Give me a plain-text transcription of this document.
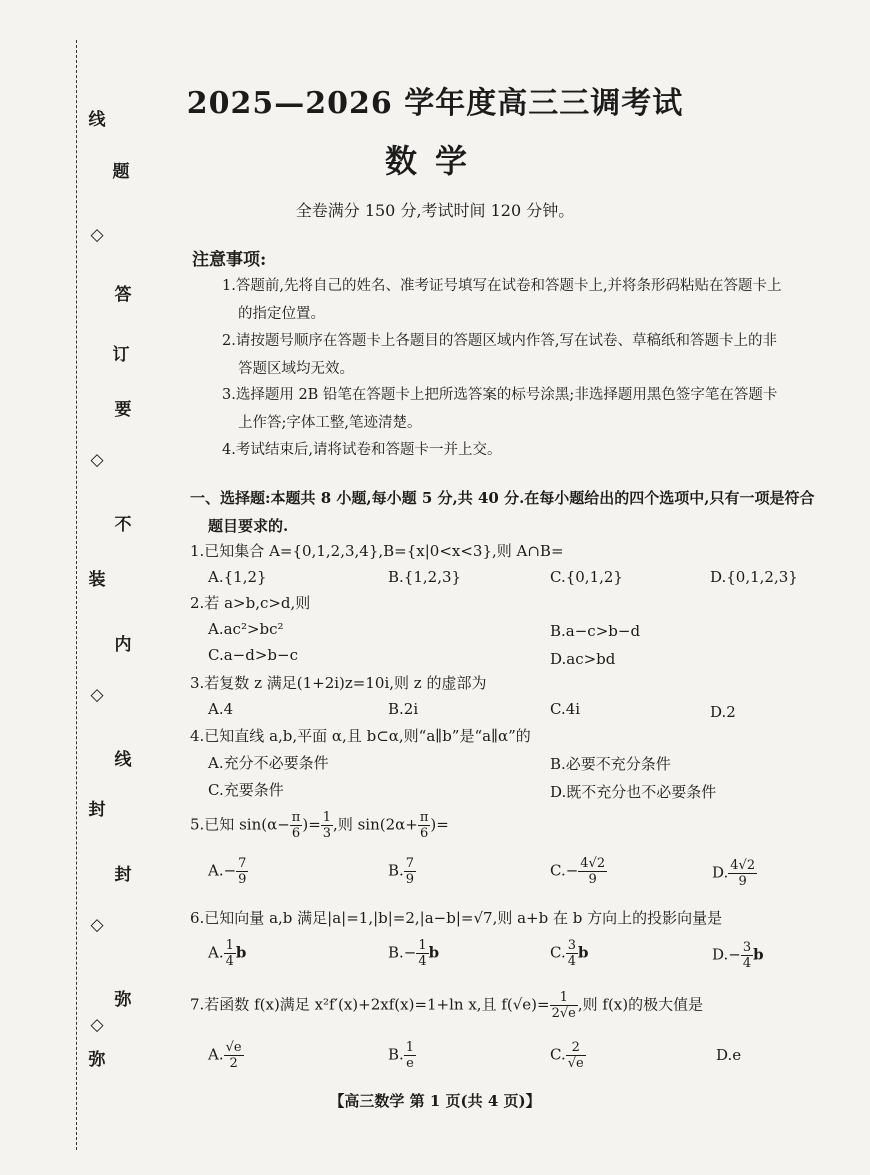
线
◇
题
◇
订
◇
装
◇
封
◇
弥
答
要
不
内
线
封
弥
2025—2026 学年度高三三调考试
数学
全卷满分 150 分,考试时间 120 分钟。
注意事项:
1.答题前,先将自己的姓名、准考证号填写在试卷和答题卡上,并将条形码粘贴在答题卡上
的指定位置。
2.请按题号顺序在答题卡上各题目的答题区域内作答,写在试卷、草稿纸和答题卡上的非
答题区域均无效。
3.选择题用 2B 铅笔在答题卡上把所选答案的标号涂黑;非选择题用黑色签字笔在答题卡
上作答;字体工整,笔迹清楚。
4.考试结束后,请将试卷和答题卡一并上交。
一、选择题:本题共 8 小题,每小题 5 分,共 40 分.在每小题给出的四个选项中,只有一项是符合
题目要求的.
1.已知集合 A={0,1,2,3,4},B={x|0<x<3},则 A∩B=
A.{1,2}	B.{1,2,3}	C.{0,1,2}	D.{0,1,2,3}
2.若 a>b,c>d,则
A.ac²>bc²	B.a−c>b−d
C.a−d>b−c	D.ac>bd
3.若复数 z 满足(1+2i)z=10i,则 z 的虚部为
A.4	B.2i	C.4i	D.2
4.已知直线 a,b,平面 α,且 b⊂α,则“a∥b”是“a∥α”的
A.充分不必要条件	B.必要不充分条件
C.充要条件	D.既不充分也不必要条件
5.已知 $\sin(\alpha- \frac{\pi}{6}$ )= $\frac{1}{3}$ ,则 $\sin(2\alpha+ \frac{\pi}{6}$ )=
$A.- \frac{7}{9}$	B. $\frac{7}{9}$	$C.- \frac{4√2}{9}$	D. $\frac{4√2}{9}$
6.已知向量 a,b 满足|a|=1,|b|=2,|a−b|=√7,则 a+b 在 b 方向上的投影向量是
A. $\frac{1}{4}$ b	$B.- \frac{1}{4}$ b	C. $\frac{3}{4}$ b	$D.- \frac{3}{4}$ b
7.若函数 f(x)满足 x²f′(x)+2xf(x)=1+ln x,且 $f(√e)= \frac{1}{2√e}$ ,则 f(x)的极大值是
A. $\frac{√e}{2}$	B. $\frac{1}{e}$	C. $\frac{2}{√e}$	D.e
【高三数学 第 1 页(共 4 页)】
